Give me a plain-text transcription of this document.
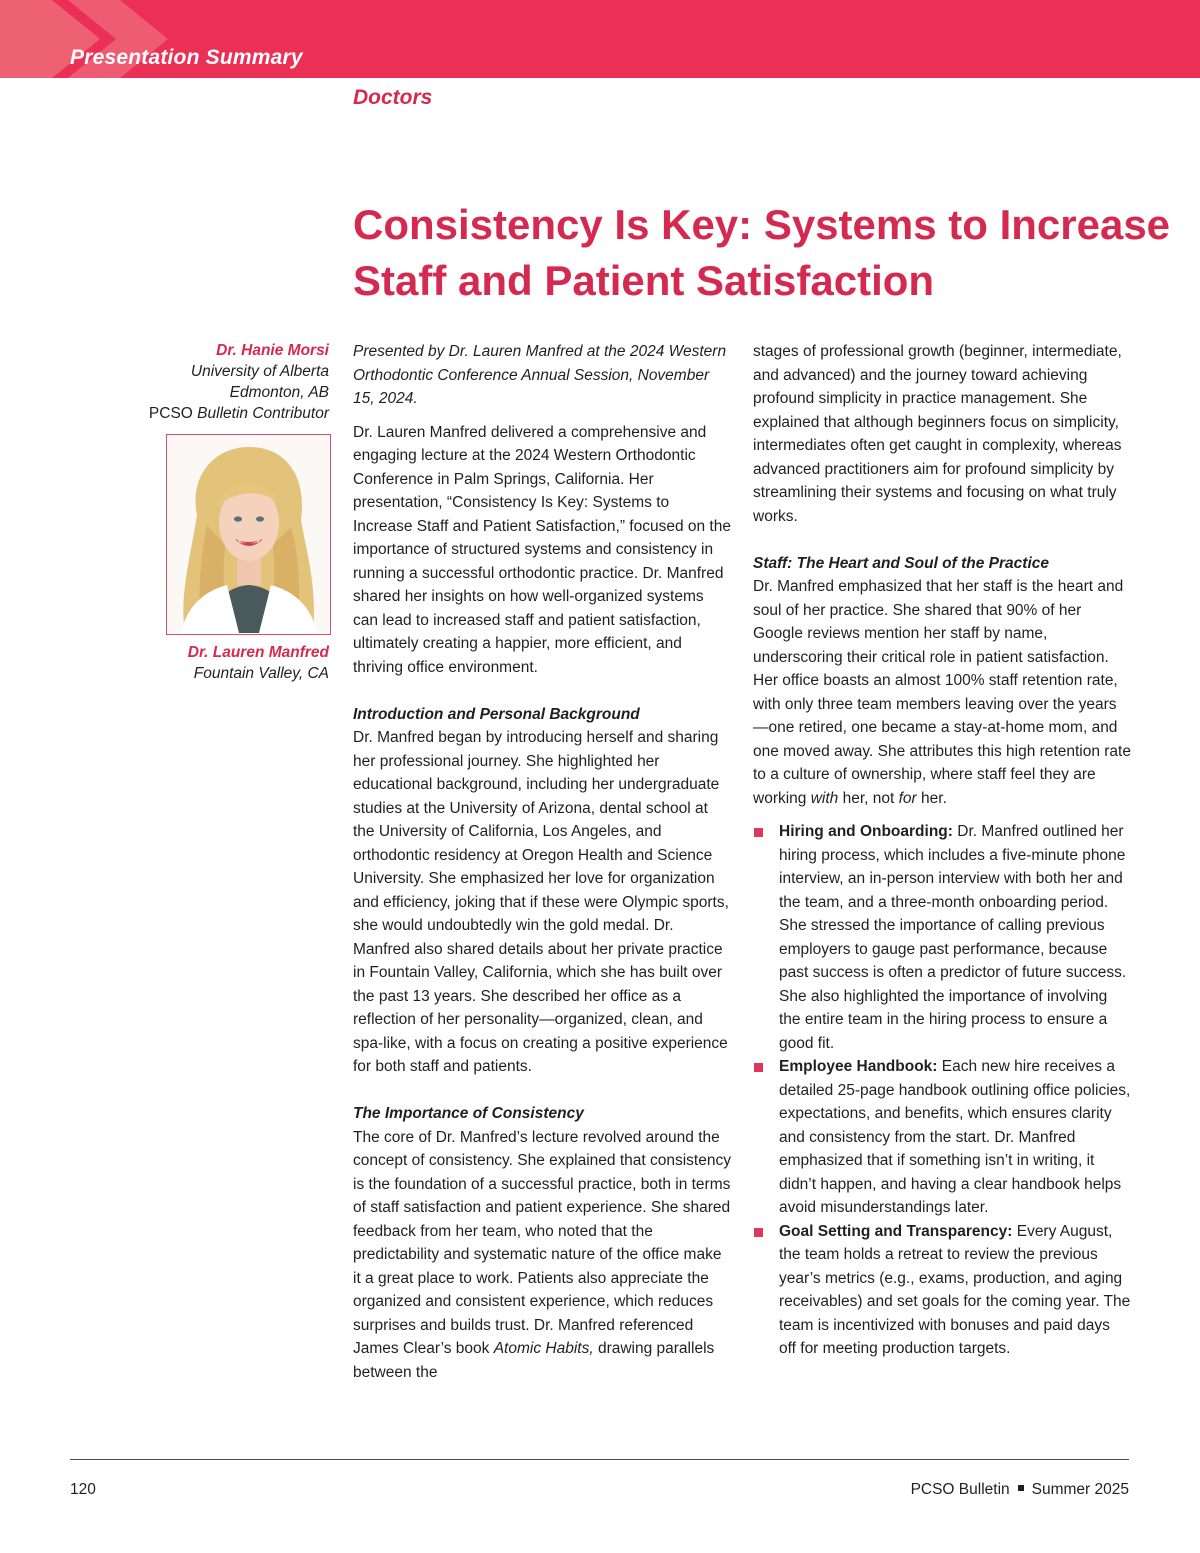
Presentation Summary
Doctors
Consistency Is Key: Systems to Increase Staff and Patient Satisfaction
Dr. Hanie Morsi
University of Alberta
Edmonton, AB
PCSO Bulletin Contributor
Dr. Lauren Manfred
Fountain Valley, CA

Presented by Dr. Lauren Manfred at the 2024 Western Orthodontic Conference Annual Session, November 15, 2024.

Dr. Lauren Manfred delivered a comprehensive and engaging lecture at the 2024 Western Orthodontic Conference in Palm Springs, California. Her presentation, “Consistency Is Key: Systems to Increase Staff and Patient Satisfaction,” focused on the importance of structured systems and consistency in running a successful orthodontic practice. Dr. Manfred shared her insights on how well-organized systems can lead to increased staff and patient satisfaction, ultimately creating a happier, more efficient, and thriving office environment.

Introduction and Personal Background

Dr. Manfred began by introducing herself and sharing her professional journey. She highlighted her educational background, including her undergraduate studies at the University of Arizona, dental school at the University of California, Los Angeles, and orthodontic residency at Oregon Health and Science University. She emphasized her love for organization and efficiency, joking that if these were Olympic sports, she would undoubtedly win the gold medal. Dr. Manfred also shared details about her private practice in Fountain Valley, California, which she has built over the past 13 years. She described her office as a reflection of her personality—organized, clean, and spa-like, with a focus on creating a positive experience for both staff and patients.

The Importance of Consistency

The core of Dr. Manfred’s lecture revolved around the concept of consistency. She explained that consistency is the foundation of a successful practice, both in terms of staff satisfaction and patient experience. She shared feedback from her team, who noted that the predictability and systematic nature of the office make it a great place to work. Patients also appreciate the organized and consistent experience, which reduces surprises and builds trust. Dr. Manfred referenced James Clear’s book Atomic Habits, drawing parallels between the

stages of professional growth (beginner, intermediate, and advanced) and the journey toward achieving profound simplicity in practice management. She explained that although beginners focus on simplicity, intermediates often get caught in complexity, whereas advanced practitioners aim for profound simplicity by streamlining their systems and focusing on what truly works.

Staff: The Heart and Soul of the Practice

Dr. Manfred emphasized that her staff is the heart and soul of her practice. She shared that 90% of her Google reviews mention her staff by name, underscoring their critical role in patient satisfaction. Her office boasts an almost 100% staff retention rate, with only three team members leaving over the years—one retired, one became a stay-at-home mom, and one moved away. She attributes this high retention rate to a culture of ownership, where staff feel they are working with her, not for her.

Hiring and Onboarding: Dr. Manfred outlined her hiring process, which includes a five-minute phone interview, an in-person interview with both her and the team, and a three-month onboarding period. She stressed the importance of calling previous employers to gauge past performance, because past success is often a predictor of future success. She also highlighted the importance of involving the entire team in the hiring process to ensure a good fit.
Employee Handbook: Each new hire receives a detailed 25-page handbook outlining office policies, expectations, and benefits, which ensures clarity and consistency from the start. Dr. Manfred emphasized that if something isn’t in writing, it didn’t happen, and having a clear handbook helps avoid misunderstandings later.
Goal Setting and Transparency: Every August, the team holds a retreat to review the previous year’s metrics (e.g., exams, production, and aging receivables) and set goals for the coming year. The team is incentivized with bonuses and paid days off for meeting production targets.
120	PCSO Bulletin Summer 2025
